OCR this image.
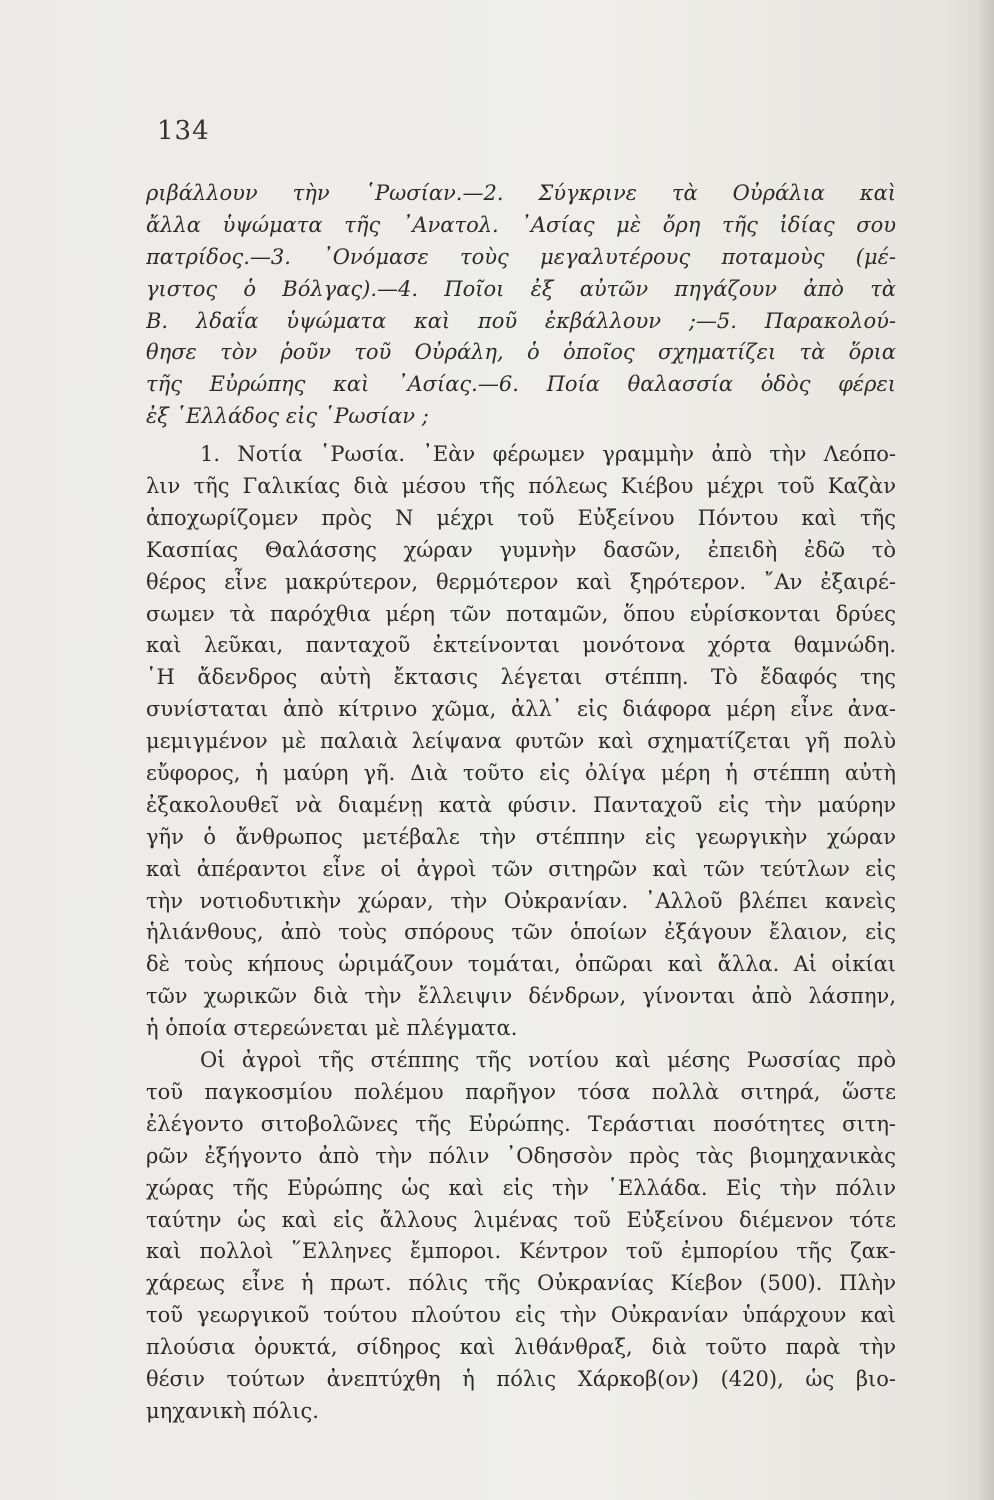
134

ριβάλλουν τὴν ῾Ρωσίαν.—2. Σύγκρινε τὰ Οὐράλια καὶ

ἄλλα ὑψώματα τῆς ᾿Ανατολ. ᾿Ασίας μὲ ὄρη τῆς ἰδίας σου

πατρίδος.—3. ᾿Ονόμασε τοὺς μεγαλυτέρους ποταμοὺς (μέ-

γιστος ὁ Βόλγας).—4. Ποῖοι ἐξ αὐτῶν πηγάζουν ἀπὸ τὰ

Β. λδαΐα ὑψώματα καὶ ποῦ ἐκβάλλουν ;—5. Παρακολού-

θησε τὸν ῥοῦν τοῦ Οὐράλη, ὁ ὁποῖος σχηματίζει τὰ ὅρια

τῆς Εὐρώπης καὶ ᾿Ασίας.—6. Ποία θαλασσία ὁδὸς φέρει

ἐξ ῾Ελλάδος εἰς ῾Ρωσίαν ;

1. Νοτία ῾Ρωσία. ᾿Εὰν φέρωμεν γραμμὴν ἀπὸ τὴν Λεόπο-

λιν τῆς Γαλικίας διὰ μέσου τῆς πόλεως Κιέβου μέχρι τοῦ Καζὰν

ἀποχωρίζομεν πρὸς Ν μέχρι τοῦ Εὐξείνου Πόντου καὶ τῆς

Κασπίας Θαλάσσης χώραν γυμνὴν δασῶν, ἐπειδὴ ἐδῶ τὸ

θέρος εἶνε μακρύτερον, θερμότερον καὶ ξηρότερον. ῎Αν ἐξαιρέ-

σωμεν τὰ παρόχθια μέρη τῶν ποταμῶν, ὅπου εὑρίσκονται δρύες

καὶ λεῦκαι, πανταχοῦ ἐκτείνονται μονότονα χόρτα θαμνώδη.

῾Η ἄδενδρος αὐτὴ ἔκτασις λέγεται στέππη. Τὸ ἔδαφός της

συνίσταται ἀπὸ κίτρινο χῶμα, ἀλλ᾿ εἰς διάφορα μέρη εἶνε ἀνα-

μεμιγμένον μὲ παλαιὰ λείψανα φυτῶν καὶ σχηματίζεται γῆ πολὺ

εὔφορος, ἡ μαύρη γῆ. Διὰ τοῦτο εἰς ὀλίγα μέρη ἡ στέππη αὐτὴ

ἐξακολουθεῖ νὰ διαμένῃ κατὰ φύσιν. Πανταχοῦ εἰς τὴν μαύρην

γῆν ὁ ἄνθρωπος μετέβαλε τὴν στέππην εἰς γεωργικὴν χώραν

καὶ ἀπέραντοι εἶνε οἱ ἀγροὶ τῶν σιτηρῶν καὶ τῶν τεύτλων εἰς

τὴν νοτιοδυτικὴν χώραν, τὴν Οὐκρανίαν. ᾿Αλλοῦ βλέπει κανεὶς

ἡλιάνθους, ἀπὸ τοὺς σπόρους τῶν ὁποίων ἐξάγουν ἔλαιον, εἰς

δὲ τοὺς κήπους ὡριμάζουν τομάται, ὀπῶραι καὶ ἄλλα. Αἱ οἰκίαι

τῶν χωρικῶν διὰ τὴν ἔλλειψιν δένδρων, γίνονται ἀπὸ λάσπην,

ἡ ὁποία στερεώνεται μὲ πλέγματα.

Οἱ ἀγροὶ τῆς στέππης τῆς νοτίου καὶ μέσης Ρωσσίας πρὸ

τοῦ παγκοσμίου πολέμου παρῆγον τόσα πολλὰ σιτηρά, ὥστε

ἐλέγοντο σιτοβολῶνες τῆς Εὐρώπης. Τεράστιαι ποσότητες σιτη-

ρῶν ἐξήγοντο ἀπὸ τὴν πόλιν ᾿Οδησσὸν πρὸς τὰς βιομηχανικὰς

χώρας τῆς Εὐρώπης ὡς καὶ εἰς τὴν ῾Ελλάδα. Εἰς τὴν πόλιν

ταύτην ὡς καὶ εἰς ἄλλους λιμένας τοῦ Εὐξείνου διέμενον τότε

καὶ πολλοὶ ῞Ελληνες ἔμποροι. Κέντρον τοῦ ἐμπορίου τῆς ζακ-

χάρεως εἶνε ἡ πρωτ. πόλις τῆς Οὐκρανίας Κίεβον (500). Πλὴν

τοῦ γεωργικοῦ τούτου πλούτου εἰς τὴν Οὐκρανίαν ὑπάρχουν καὶ

πλούσια ὀρυκτά, σίδηρος καὶ λιθάνθραξ, διὰ τοῦτο παρὰ τὴν

θέσιν τούτων ἀνεπτύχθη ἡ πόλις Χάρκοβ(ον) (420), ὡς βιο-

μηχανικὴ πόλις.
